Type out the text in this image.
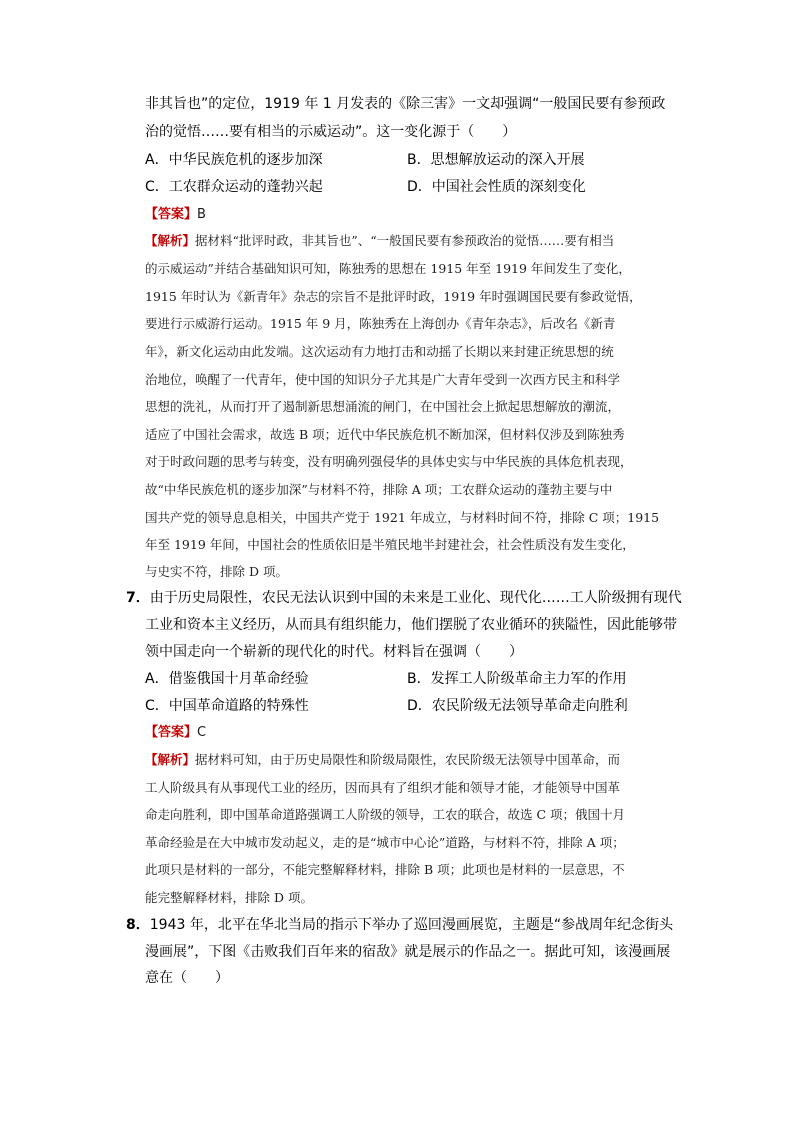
非其旨也”的定位，1919 年 1 月发表的《除三害》一文却强调“一般国民要有参预政
治的觉悟……要有相当的示威运动”。这一变化源于（　　）
A．中华民族危机的逐步加深	B．思想解放运动的深入开展
C．工农群众运动的蓬勃兴起	D．中国社会性质的深刻变化
【答案】B
【解析】据材料“批评时政，非其旨也”、“一般国民要有参预政治的觉悟……要有相当
的示威运动”并结合基础知识可知，陈独秀的思想在 1915 年至 1919 年间发生了变化，
1915 年时认为《新青年》杂志的宗旨不是批评时政，1919 年时强调国民要有参政觉悟，
要进行示威游行运动。1915 年 9 月，陈独秀在上海创办《青年杂志》，后改名《新青
年》，新文化运动由此发端。这次运动有力地打击和动摇了长期以来封建正统思想的统
治地位，唤醒了一代青年，使中国的知识分子尤其是广大青年受到一次西方民主和科学
思想的洗礼，从而打开了遏制新思想涌流的闸门，在中国社会上掀起思想解放的潮流，
适应了中国社会需求，故选 B 项；近代中华民族危机不断加深，但材料仅涉及到陈独秀
对于时政问题的思考与转变，没有明确列强侵华的具体史实与中华民族的具体危机表现，
故“中华民族危机的逐步加深”与材料不符，排除 A 项；工农群众运动的蓬勃主要与中
国共产党的领导息息相关，中国共产党于 1921 年成立，与材料时间不符，排除 C 项；1915
年至 1919 年间，中国社会的性质依旧是半殖民地半封建社会，社会性质没有发生变化，
与史实不符，排除 D 项。
7．由于历史局限性，农民无法认识到中国的未来是工业化、现代化……工人阶级拥有现代
工业和资本主义经历，从而具有组织能力，他们摆脱了农业循环的狭隘性，因此能够带
领中国走向一个崭新的现代化的时代。材料旨在强调（　　）
A．借鉴俄国十月革命经验	B．发挥工人阶级革命主力军的作用
C．中国革命道路的特殊性	D．农民阶级无法领导革命走向胜利
【答案】C
【解析】据材料可知，由于历史局限性和阶级局限性，农民阶级无法领导中国革命，而
工人阶级具有从事现代工业的经历，因而具有了组织才能和领导才能，才能领导中国革
命走向胜利，即中国革命道路强调工人阶级的领导，工农的联合，故选 C 项；俄国十月
革命经验是在大中城市发动起义，走的是“城市中心论”道路，与材料不符，排除 A 项；
此项只是材料的一部分，不能完整解释材料，排除 B 项；此项也是材料的一层意思，不
能完整解释材料，排除 D 项。
8．1943 年，北平在华北当局的指示下举办了巡回漫画展览，主题是“参战周年纪念街头
漫画展”，下图《击败我们百年来的宿敌》就是展示的作品之一。据此可知，该漫画展
意在（　　）
